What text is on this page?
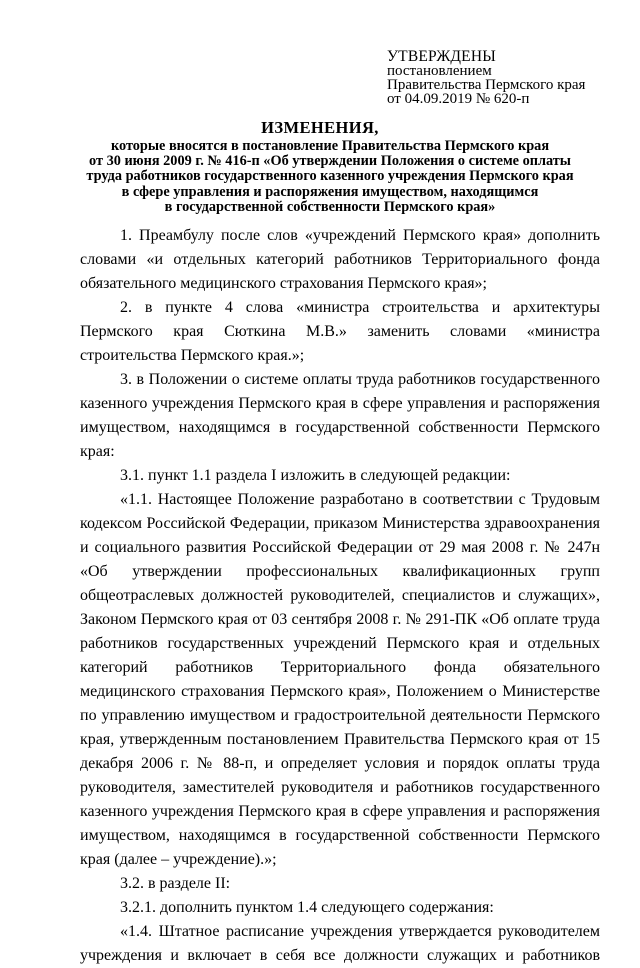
УТВЕРЖДЕНЫ
постановлением
Правительства Пермского края
от 04.09.2019 № 620-п
ИЗМЕНЕНИЯ,
которые вносятся в постановление Правительства Пермского края
от 30 июня 2009 г. № 416-п «Об утверждении Положения о системе оплаты
труда работников государственного казенного учреждения Пермского края
в сфере управления и распоряжения имуществом, находящимся
в государственной собственности Пермского края»
1. Преамбулу после слов «учреждений Пермского края» дополнить словами «и отдельных категорий работников Территориального фонда обязательного медицинского страхования Пермского края»;
2. в пункте 4 слова «министра строительства и архитектуры Пермского края Сюткина М.В.» заменить словами «министра строительства Пермского края.»;
3. в Положении о системе оплаты труда работников государственного казенного учреждения Пермского края в сфере управления и распоряжения имуществом, находящимся в государственной собственности Пермского края:
3.1. пункт 1.1 раздела I изложить в следующей редакции:
«1.1. Настоящее Положение разработано в соответствии с Трудовым кодексом Российской Федерации, приказом Министерства здравоохранения и социального развития Российской Федерации от 29 мая 2008 г. № 247н «Об утверждении профессиональных квалификационных групп общеотраслевых должностей руководителей, специалистов и служащих», Законом Пермского края от 03 сентября 2008 г. № 291-ПК «Об оплате труда работников государственных учреждений Пермского края и отдельных категорий работников Территориального фонда обязательного медицинского страхования Пермского края», Положением о Министерстве по управлению имуществом и градостроительной деятельности Пермского края, утвержденным постановлением Правительства Пермского края от 15 декабря 2006 г. № 88-п, и определяет условия и порядок оплаты труда руководителя, заместителей руководителя и работников государственного казенного учреждения Пермского края в сфере управления и распоряжения имуществом, находящимся в государственной собственности Пермского края (далее – учреждение).»;
3.2. в разделе II:
3.2.1. дополнить пунктом 1.4 следующего содержания:
«1.4. Штатное расписание учреждения утверждается руководителем учреждения и включает в себя все должности служащих и работников
